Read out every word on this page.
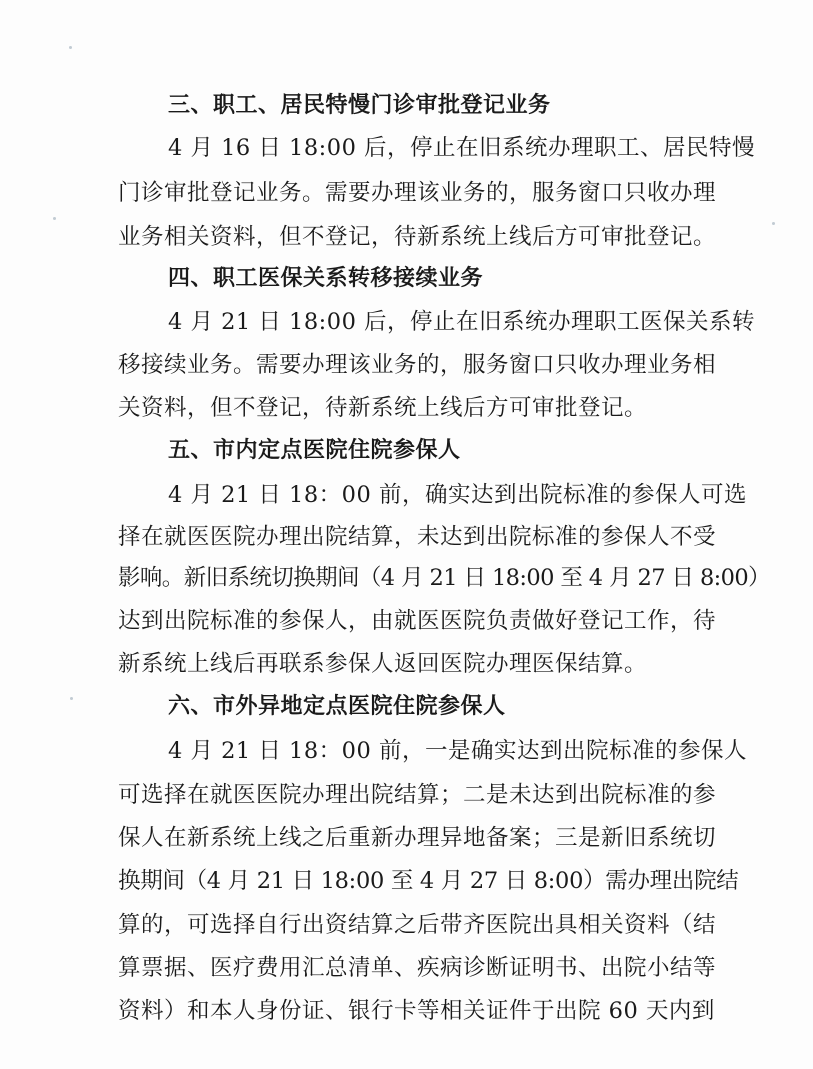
三、职工、居民特慢门诊审批登记业务
4 月 16 日 18:00 后，停止在旧系统办理职工、居民特慢
门诊审批登记业务。需要办理该业务的，服务窗口只收办理
业务相关资料，但不登记，待新系统上线后方可审批登记。
四、职工医保关系转移接续业务
4 月 21 日 18:00 后，停止在旧系统办理职工医保关系转
移接续业务。需要办理该业务的，服务窗口只收办理业务相
关资料，但不登记，待新系统上线后方可审批登记。
五、市内定点医院住院参保人
4 月 21 日 18：00 前，确实达到出院标准的参保人可选
择在就医医院办理出院结算，未达到出院标准的参保人不受
影响。新旧系统切换期间（4 月 21 日 18:00 至 4 月 27 日 8:00）
达到出院标准的参保人，由就医医院负责做好登记工作，待
新系统上线后再联系参保人返回医院办理医保结算。
六、市外异地定点医院住院参保人
4 月 21 日 18：00 前，一是确实达到出院标准的参保人
可选择在就医医院办理出院结算；二是未达到出院标准的参
保人在新系统上线之后重新办理异地备案；三是新旧系统切
换期间（4 月 21 日 18:00 至 4 月 27 日 8:00）需办理出院结
算的，可选择自行出资结算之后带齐医院出具相关资料（结
算票据、医疗费用汇总清单、疾病诊断证明书、出院小结等
资料）和本人身份证、银行卡等相关证件于出院 60 天内到
